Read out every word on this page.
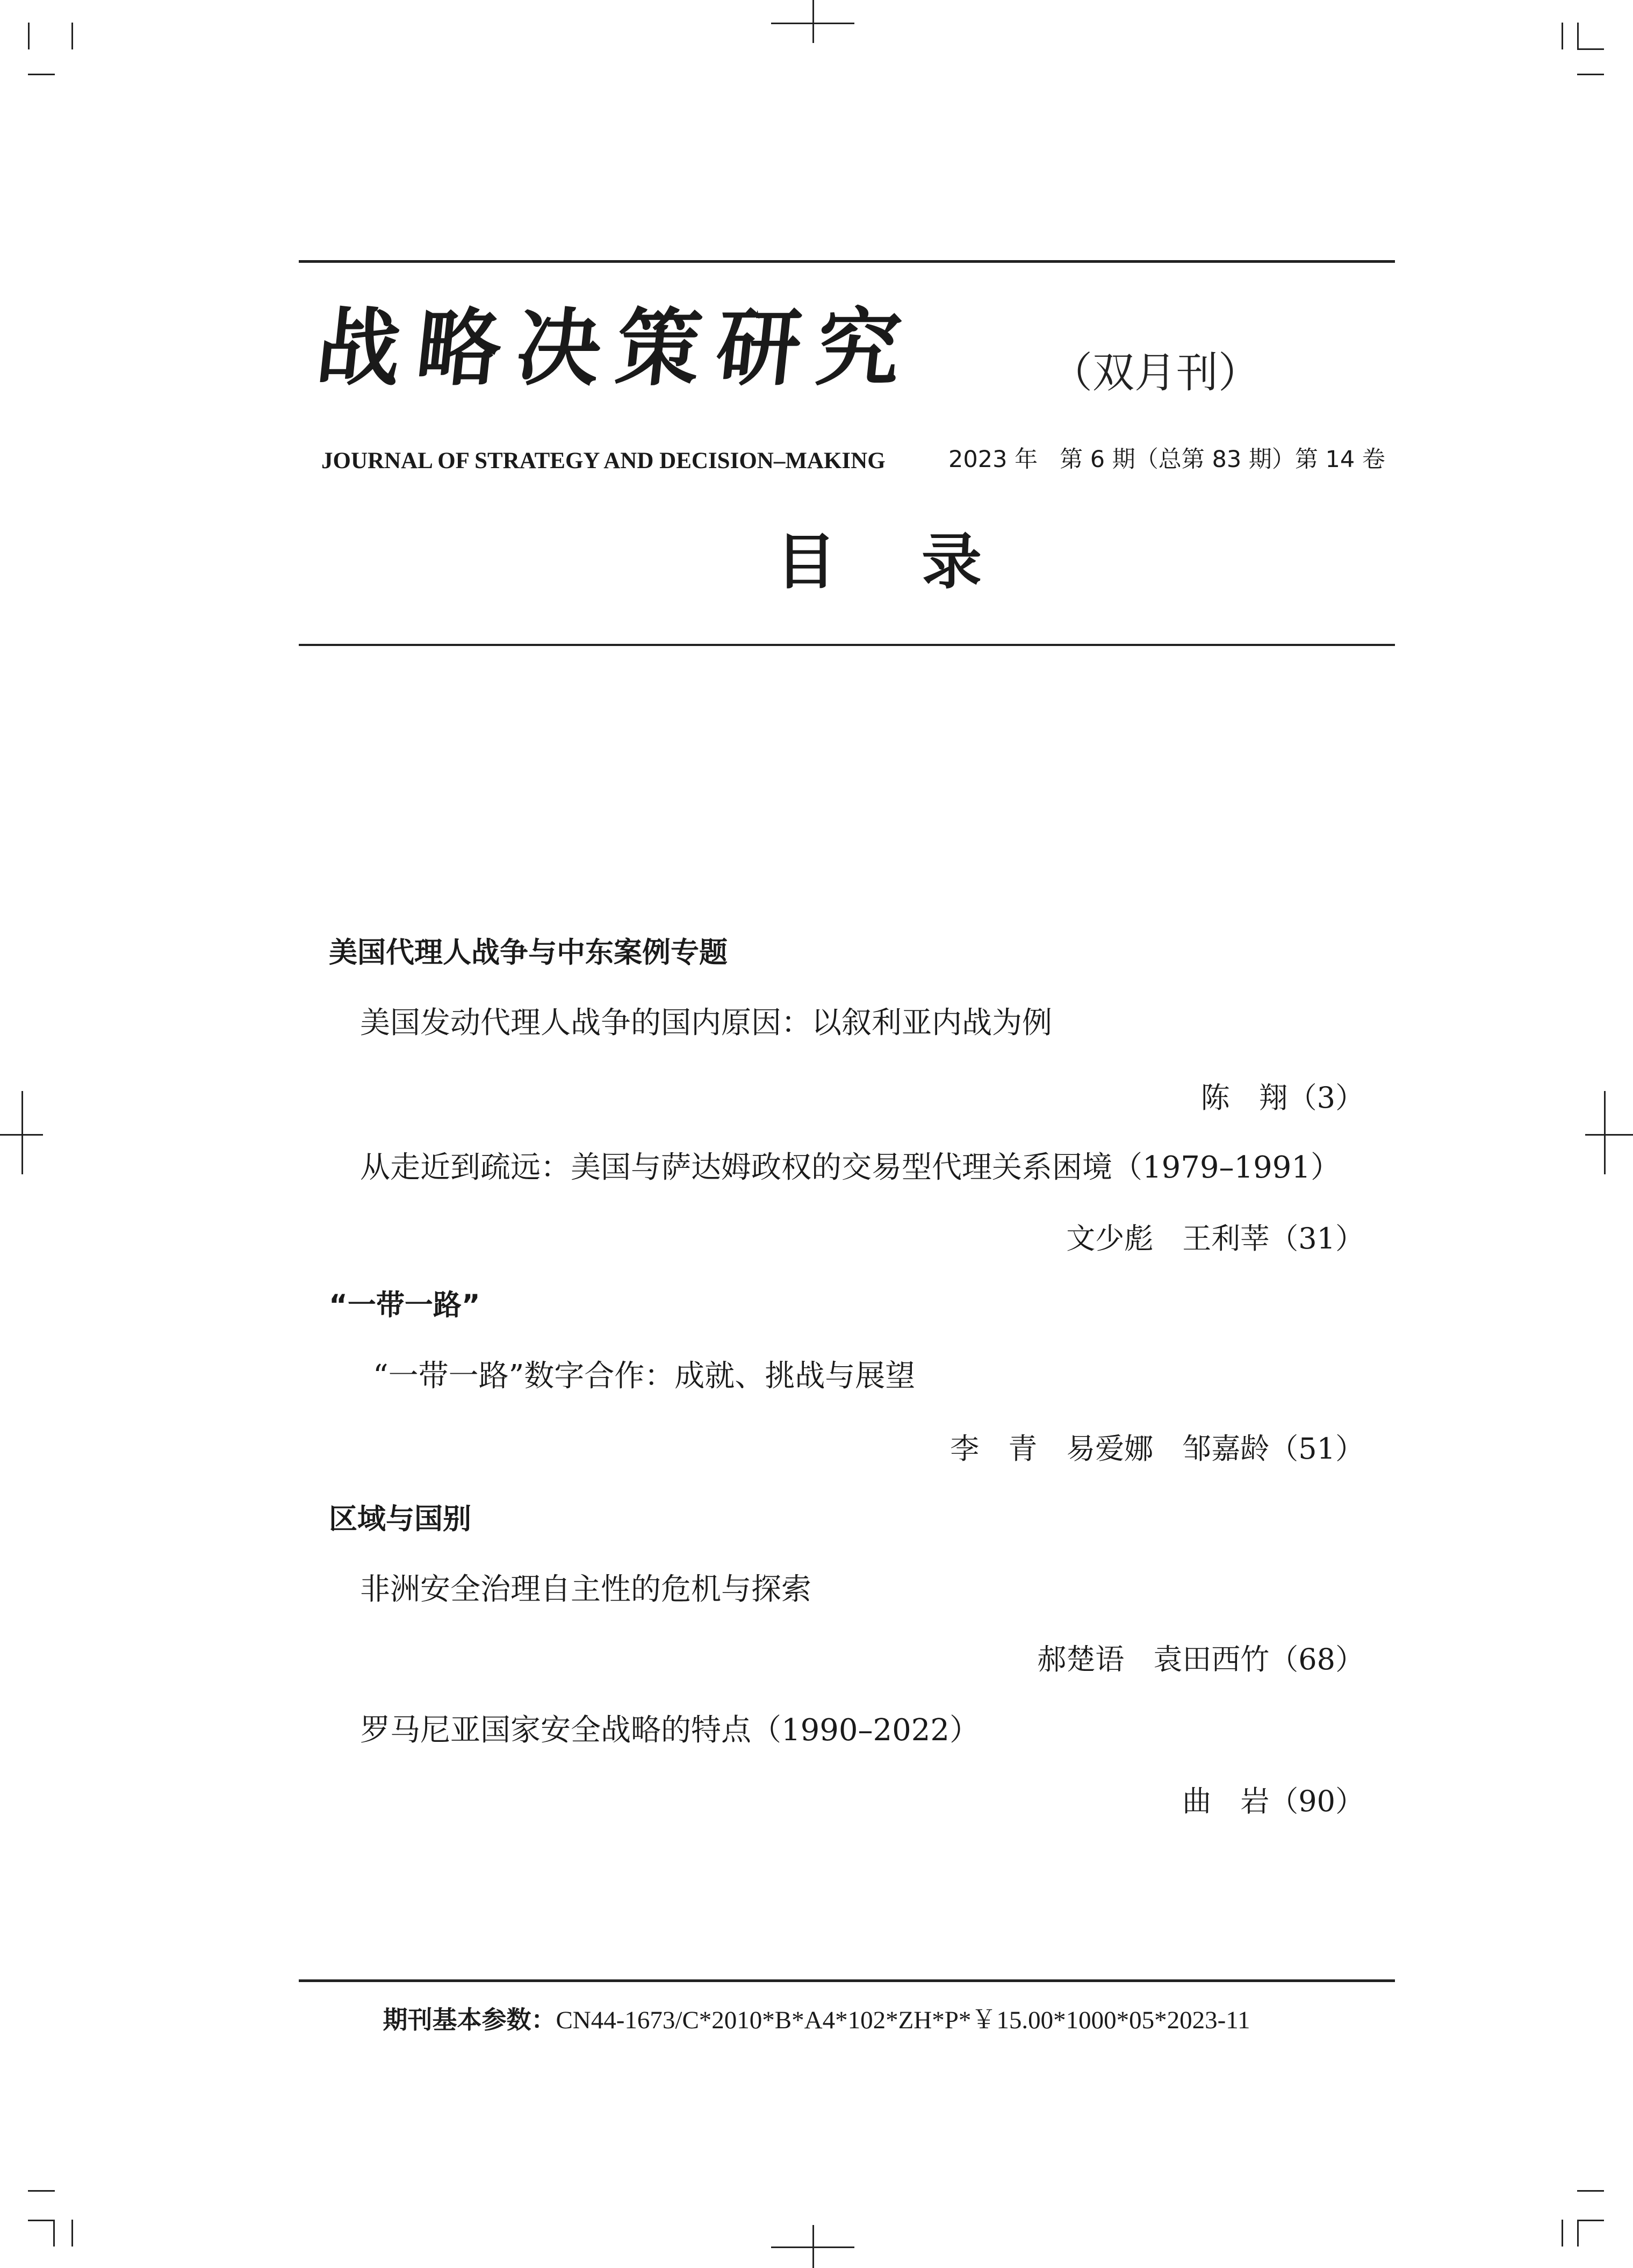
战略决策研究	（双月刊）
JOURNAL OF STRATEGY AND DECISION–MAKING	2023 年   第 6 期（总第 83 期）第 14 卷
目 录
美国代理人战争与中东案例专题
美国发动代理人战争的国内原因：以叙利亚内战为例
陈　翔（3）
从走近到疏远：美国与萨达姆政权的交易型代理关系困境（1979–1991）
文少彪　王利莘（31）
“一带一路”
“一带一路”数字合作：成就、挑战与展望
李　青　易爱娜　邹嘉龄（51）
区域与国别
非洲安全治理自主性的危机与探索
郝楚语　袁田西竹（68）
罗马尼亚国家安全战略的特点（1990–2022）
曲　岩（90）
期刊基本参数：CN44-1673/C*2010*B*A4*102*ZH*P*￥15.00*1000*05*2023-11
